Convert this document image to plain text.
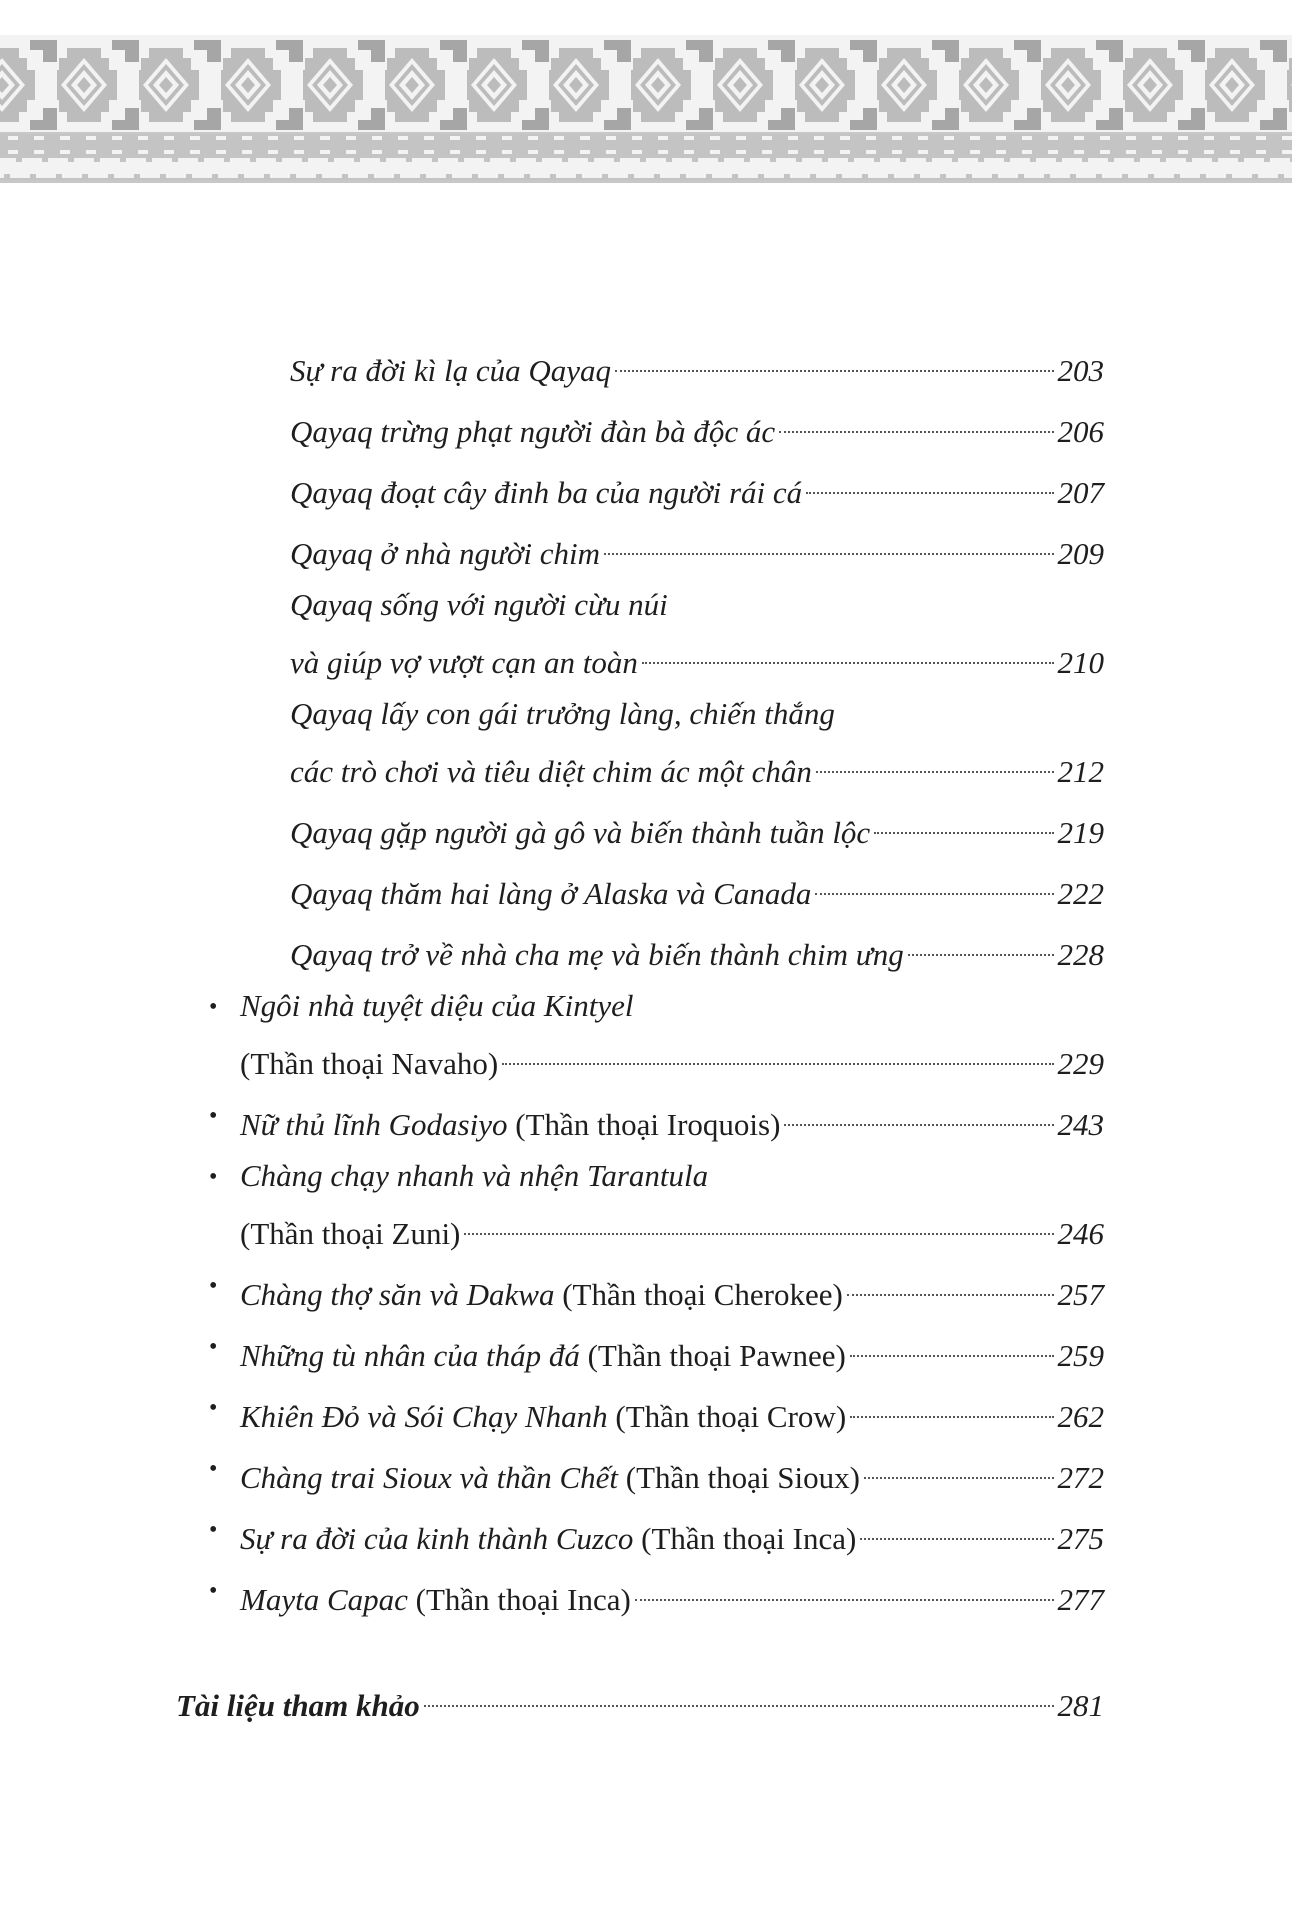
Sự ra đời kì lạ của Qayaq	203
Qayaq trừng phạt người đàn bà độc ác	206
Qayaq đoạt cây đinh ba của người rái cá	207
Qayaq ở nhà người chim	209
Qayaq sống với người cừu núi
và giúp vợ vượt cạn an toàn	210
Qayaq lấy con gái trưởng làng, chiến thắng
các trò chơi và tiêu diệt chim ác một chân	212
Qayaq gặp người gà gô và biến thành tuần lộc	219
Qayaq thăm hai làng ở Alaska và Canada	222
Qayaq trở về nhà cha mẹ và biến thành chim ưng	228
• Ngôi nhà tuyệt diệu của Kintyel
(Thần thoại Navaho)	229
• Nữ thủ lĩnh Godasiyo (Thần thoại Iroquois)	243
• Chàng chạy nhanh và nhện Tarantula
(Thần thoại Zuni)	246
• Chàng thợ săn và Dakwa (Thần thoại Cherokee)	257
• Những tù nhân của tháp đá (Thần thoại Pawnee)	259
• Khiên Đỏ và Sói Chạy Nhanh (Thần thoại Crow)	262
• Chàng trai Sioux và thần Chết (Thần thoại Sioux)	272
• Sự ra đời của kinh thành Cuzco (Thần thoại Inca)	275
• Mayta Capac (Thần thoại Inca)	277
Tài liệu tham khảo	281
